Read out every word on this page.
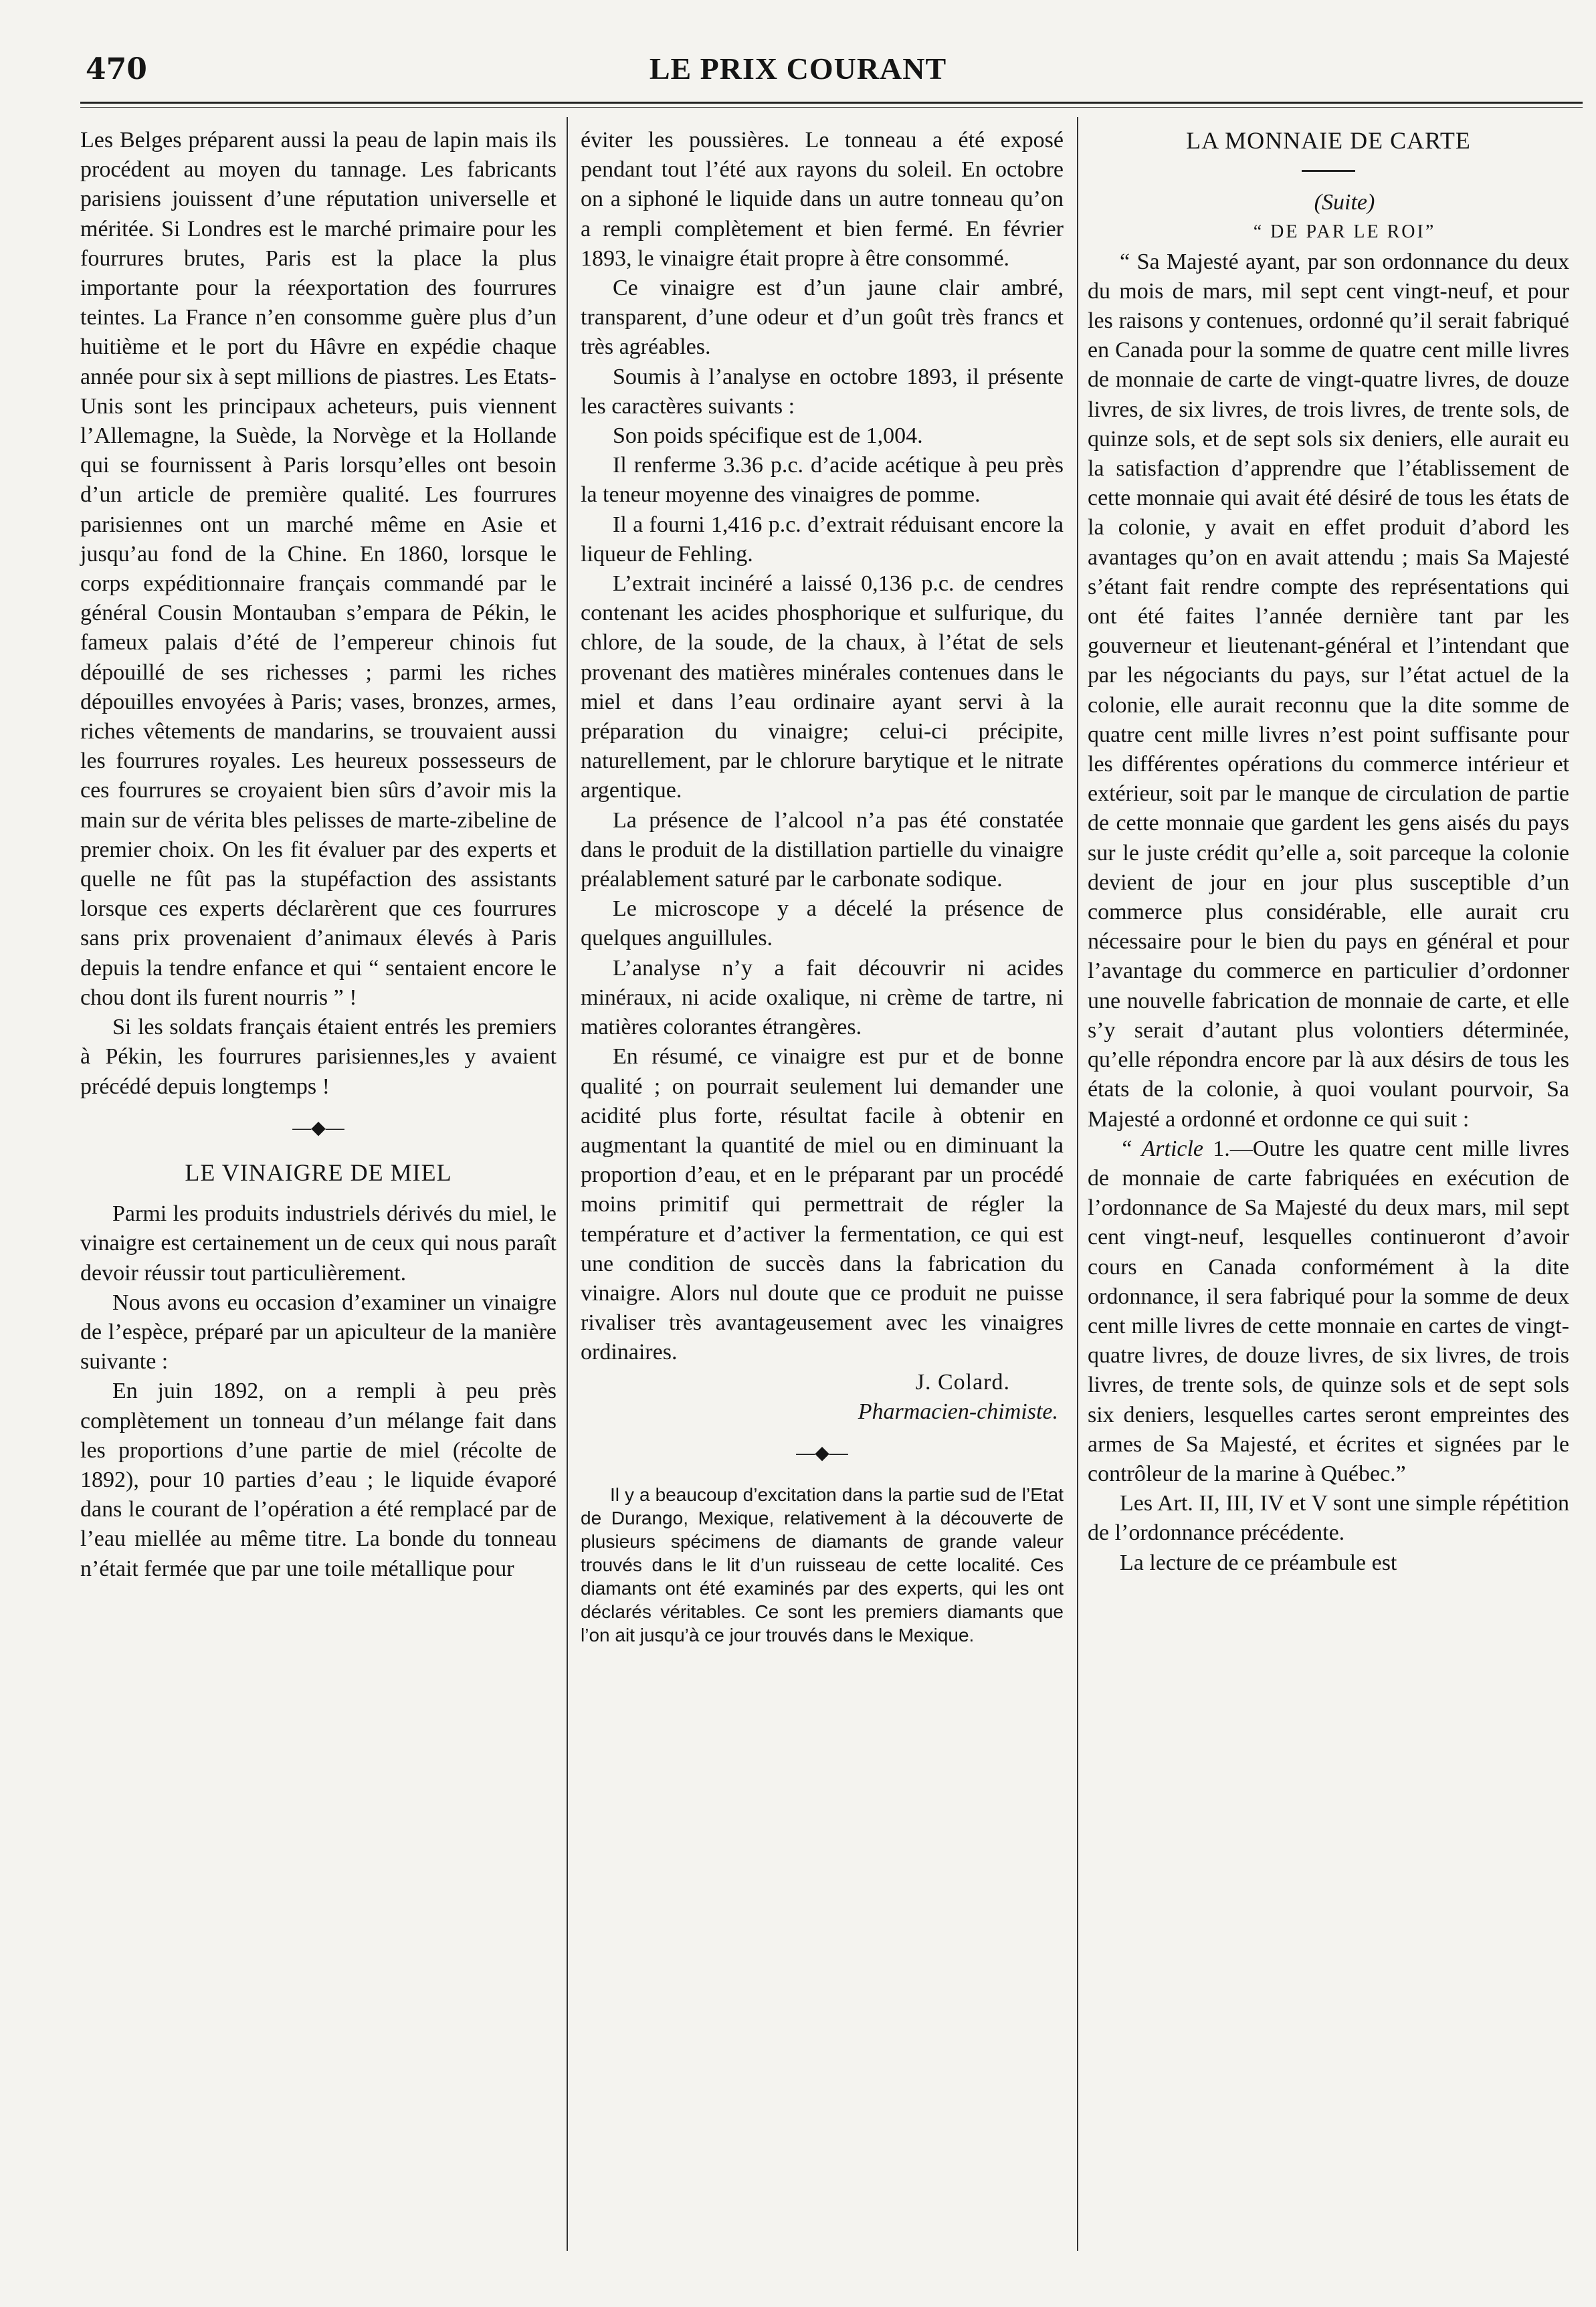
470	LE PRIX COURANT

Les Belges préparent aussi la peau de lapin mais ils procédent au moyen du tannage. Les fabricants parisiens jouissent d’une réputation universelle et méritée. Si Londres est le marché primaire pour les fourrures brutes, Paris est la place la plus importante pour la réexportation des fourrures teintes. La France n’en consomme guère plus d’un huitième et le port du Hâvre en expédie chaque année pour six à sept millions de piastres. Les Etats-Unis sont les principaux acheteurs, puis viennent l’Allemagne, la Suède, la Norvège et la Hollande qui se fournissent à Paris lorsqu’elles ont besoin d’un article de première qualité. Les fourrures parisiennes ont un marché même en Asie et jusqu’au fond de la Chine. En 1860, lorsque le corps expéditionnaire français commandé par le général Cousin Montauban s’empara de Pékin, le fameux palais d’été de l’empereur chinois fut dépouillé de ses richesses ; parmi les riches dépouilles envoyées à Paris; vases, bronzes, armes, riches vêtements de mandarins, se trouvaient aussi les fourrures royales. Les heureux possesseurs de ces fourrures se croyaient bien sûrs d’avoir mis la main sur de vérita bles pelisses de marte-zibeline de premier choix. On les fit évaluer par des experts et quelle ne fût pas la stupéfaction des assistants lorsque ces experts déclarèrent que ces fourrures sans prix provenaient d’animaux élevés à Paris depuis la tendre enfance et qui “ sentaient encore le chou dont ils furent nourris ” !

Si les soldats français étaient entrés les premiers à Pékin, les fourrures parisiennes,les y avaient précédé depuis longtemps !

—◆—
LE VINAIGRE DE MIEL

Parmi les produits industriels dérivés du miel, le vinaigre est certainement un de ceux qui nous paraît devoir réussir tout particulièrement.

Nous avons eu occasion d’examiner un vinaigre de l’espèce, préparé par un apiculteur de la manière suivante :

En juin 1892, on a rempli à peu près complètement un tonneau d’un mélange fait dans les proportions d’une partie de miel (récolte de 1892), pour 10 parties d’eau ; le liquide évaporé dans le courant de l’opération a été remplacé par de l’eau miellée au même titre. La bonde du tonneau n’était fermée que par une toile métallique pour

éviter les poussières. Le tonneau a été exposé pendant tout l’été aux rayons du soleil. En octobre on a siphoné le liquide dans un autre tonneau qu’on a rempli complètement et bien fermé. En février 1893, le vinaigre était propre à être consommé.

Ce vinaigre est d’un jaune clair ambré, transparent, d’une odeur et d’un goût très francs et très agréables.

Soumis à l’analyse en octobre 1893, il présente les caractères suivants :

Son poids spécifique est de 1,004.

Il renferme 3.36 p.c. d’acide acétique à peu près la teneur moyenne des vinaigres de pomme.

Il a fourni 1,416 p.c. d’extrait réduisant encore la liqueur de Fehling.

L’extrait incinéré a laissé 0,136 p.c. de cendres contenant les acides phosphorique et sulfurique, du chlore, de la soude, de la chaux, à l’état de sels provenant des matières minérales contenues dans le miel et dans l’eau ordinaire ayant servi à la préparation du vinaigre; celui-ci précipite, naturellement, par le chlorure barytique et le nitrate argentique.

La présence de l’alcool n’a pas été constatée dans le produit de la distillation partielle du vinaigre préalablement saturé par le carbonate sodique.

Le microscope y a décelé la présence de quelques anguillules.

L’analyse n’y a fait découvrir ni acides minéraux, ni acide oxalique, ni crème de tartre, ni matières colorantes étrangères.

En résumé, ce vinaigre est pur et de bonne qualité ; on pourrait seulement lui demander une acidité plus forte, résultat facile à obtenir en augmentant la quantité de miel ou en diminuant la proportion d’eau, et en le préparant par un procédé moins primitif qui permettrait de régler la température et d’activer la fermentation, ce qui est une condition de succès dans la fabrication du vinaigre. Alors nul doute que ce produit ne puisse rivaliser très avantageusement avec les vinaigres ordinaires.

J. Colard.

Pharmacien-chimiste.

—◆—

Il y a beaucoup d’excitation dans la partie sud de l’Etat de Durango, Mexique, relativement à la découverte de plusieurs spécimens de diamants de grande valeur trouvés dans le lit d’un ruisseau de cette localité. Ces diamants ont été examinés par des experts, qui les ont déclarés véritables. Ce sont les premiers diamants que l’on ait jusqu’à ce jour trouvés dans le Mexique.

LA MONNAIE DE CARTE

(Suite)

“ DE PAR LE ROI”

“ Sa Majesté ayant, par son ordonnance du deux du mois de mars, mil sept cent vingt-neuf, et pour les raisons y contenues, ordonné qu’il serait fabriqué en Canada pour la somme de quatre cent mille livres de monnaie de carte de vingt-quatre livres, de douze livres, de six livres, de trois livres, de trente sols, de quinze sols, et de sept sols six deniers, elle aurait eu la satisfaction d’apprendre que l’établissement de cette monnaie qui avait été désiré de tous les états de la colonie, y avait en effet produit d’abord les avantages qu’on en avait attendu ; mais Sa Majesté s’étant fait rendre compte des représentations qui ont été faites l’année dernière tant par les gouverneur et lieutenant-général et l’intendant que par les négociants du pays, sur l’état actuel de la colonie, elle aurait reconnu que la dite somme de quatre cent mille livres n’est point suffisante pour les différentes opérations du commerce intérieur et extérieur, soit par le manque de circulation de partie de cette monnaie que gardent les gens aisés du pays sur le juste crédit qu’elle a, soit parceque la colonie devient de jour en jour plus susceptible d’un commerce plus considérable, elle aurait cru nécessaire pour le bien du pays en général et pour l’avantage du commerce en particulier d’ordonner une nouvelle fabrication de monnaie de carte, et elle s’y serait d’autant plus volontiers déterminée, qu’elle répondra encore par là aux désirs de tous les états de la colonie, à quoi voulant pourvoir, Sa Majesté a ordonné et ordonne ce qui suit :

“ Article 1.—Outre les quatre cent mille livres de monnaie de carte fabriquées en exécution de l’ordonnance de Sa Majesté du deux mars, mil sept cent vingt-neuf, lesquelles continueront d’avoir cours en Canada conformément à la dite ordonnance, il sera fabriqué pour la somme de deux cent mille livres de cette monnaie en cartes de vingt-quatre livres, de douze livres, de six livres, de trois livres, de trente sols, de quinze sols et de sept sols six deniers, lesquelles cartes seront empreintes des armes de Sa Majesté, et écrites et signées par le contrôleur de la marine à Québec.”

Les Art. II, III, IV et V sont une simple répétition de l’ordonnance précédente.

La lecture de ce préambule est
